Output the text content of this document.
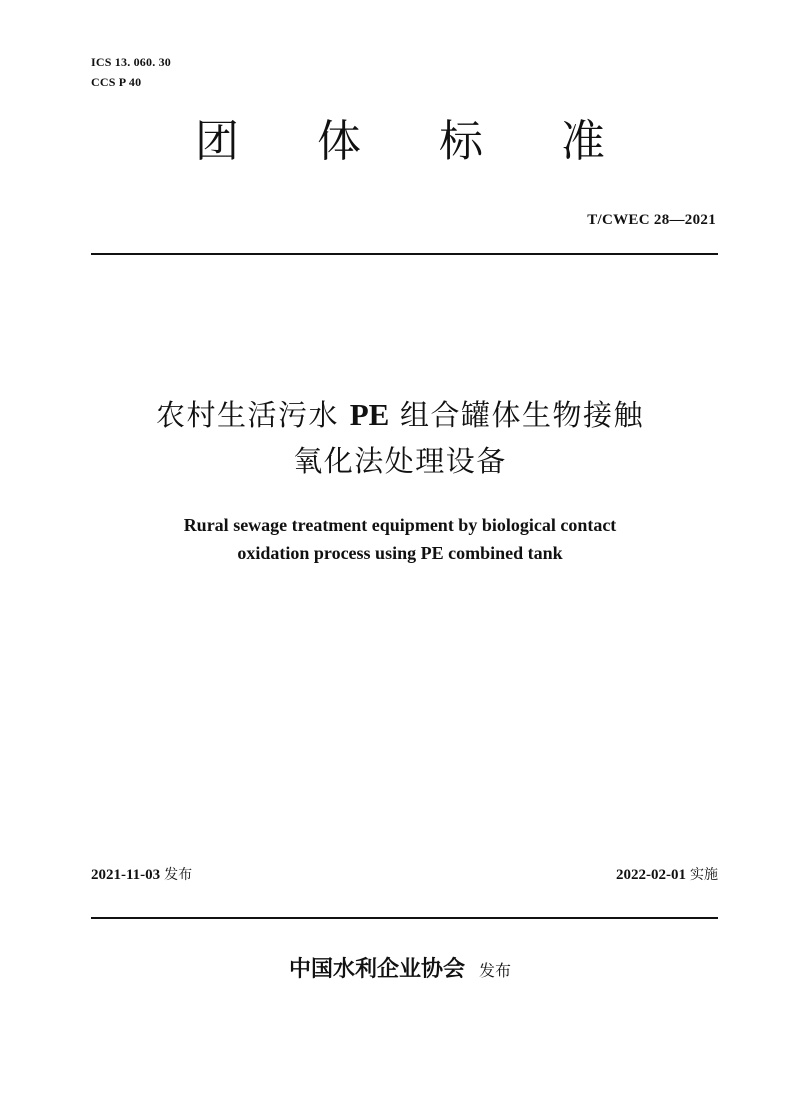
ICS 13. 060. 30
CCS P 40
团	体	标	准
T/CWEC 28—2021
农村生活污水 PE 组合罐体生物接触
氧化法处理设备
Rural sewage treatment equipment by biological contact
oxidation process using PE combined tank
2021-11-03 发布	2022-02-01 实施
中国水利企业协会 发布
